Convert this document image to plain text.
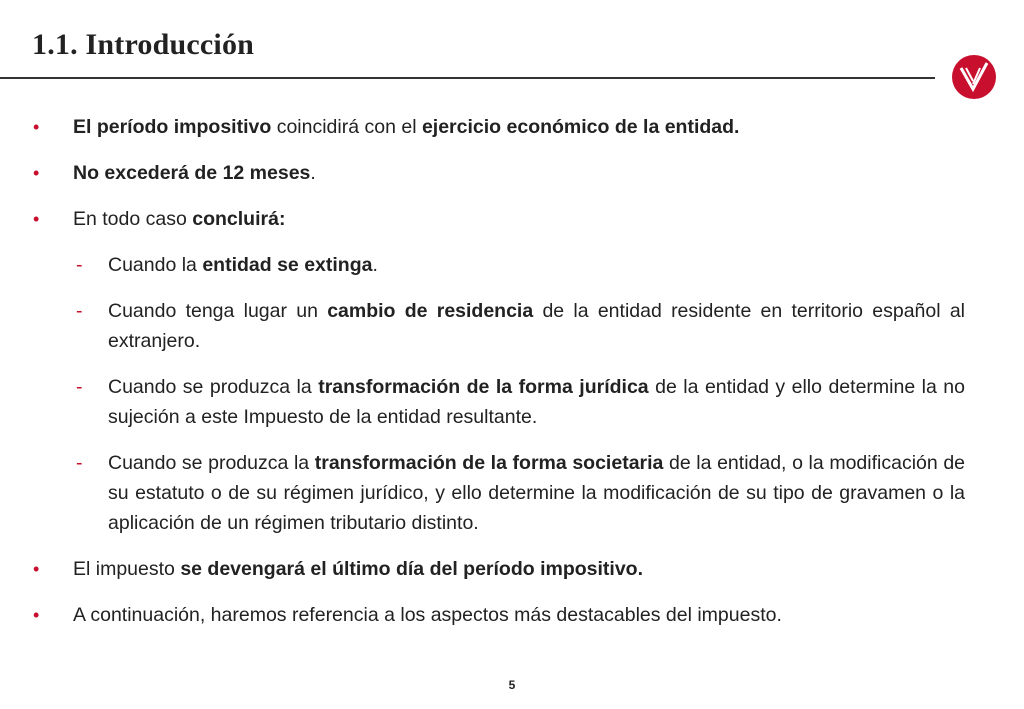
1.1. Introducción
• El período impositivo coincidirá con el ejercicio económico de la entidad.
• No excederá de 12 meses.
• En todo caso concluirá:
- Cuando la entidad se extinga.
- Cuando tenga lugar un cambio de residencia de la entidad residente en territorio español al extranjero.
- Cuando se produzca la transformación de la forma jurídica de la entidad y ello determine la no sujeción a este Impuesto de la entidad resultante.
- Cuando se produzca la transformación de la forma societaria de la entidad, o la modificación de su estatuto o de su régimen jurídico, y ello determine la modificación de su tipo de gravamen o la aplicación de un régimen tributario distinto.
• El impuesto se devengará el último día del período impositivo.
• A continuación, haremos referencia a los aspectos más destacables del impuesto.
5
